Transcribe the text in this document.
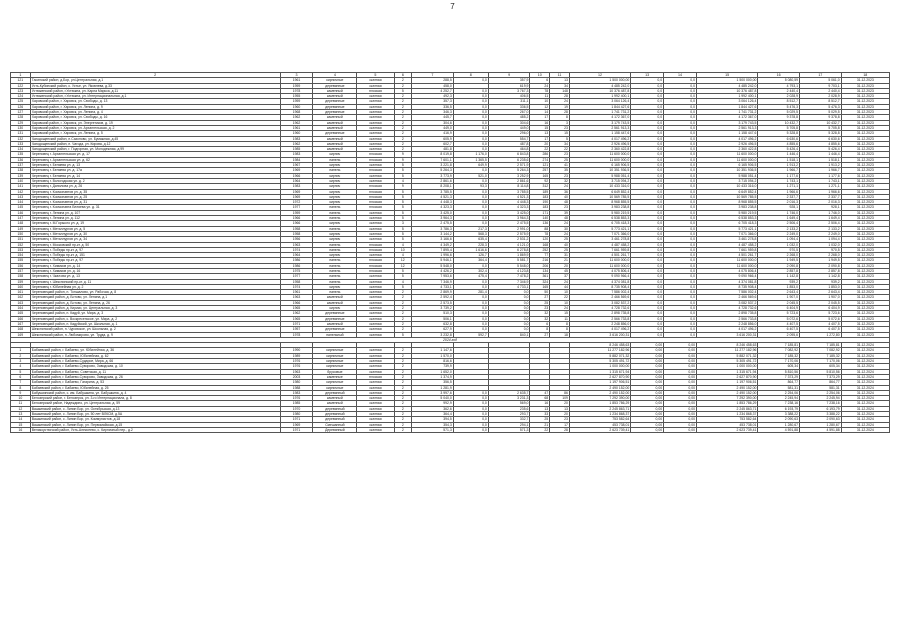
7
1	2	3	4	5	6	7	8	9	10	11	12	13	14	15	16	17	18
121	Тасинский район, д.Бор, ул.Центральная, д.1	1961	кирпичные	скатная	2	288,5	0,0	357,9	6	13	1 500 000,00	0,0	0,0	1 500 000,00	5 080,59	5 061,0	31.12.2023
122	Усть-Кубинский район, с. Устье, ул. Яковлева, д.33	1959	деревянные	скатная	2	458,0		619,9	24	34	4 485 242,0	0,0	0,0	4 485 242,0	4 793,1	9 703,1	31.12.2023
123	Устюженский район, г.Устюжна, ул. Карла Маркса, д.11	1978	каменный	плоская	5	4 252,7	0,0	3 767,3	78	148	10 376 487,8	0,0	0,0	10 376 487,8	2 440,4	2 440,4	31.12.2023
124	Устюженский район, г.Устюжна, ул. Интернациональная, д.1	1955	каменный	скатная	2	492,3	0,0	406,5	11	28	1 992 400,1	0,0	0,0	1 992 400,1	2 028,9	2 028,9	31.12.2023
125	Харовский район, г. Харовск, ул. Свободы, д. 13	1959	деревянные	скатная	2	357,3	0,0	311,1	10	24	3 064 126,4	0,0	0,0	3 064 126,4	8 512,7	8 512,7	31.12.2023
126	Харовский район, г. Харовск, ул. Ленина, д. 9	1960	деревянные	скатная	2	336,5	0,0	336,5	12	19	1 844 427,6	0,0	0,0	1 844 427,6	5 476,3	5 476,3	31.12.2023
127	Харовский район, г. Харовск, ул. Ленина, д. 4	1968	деревянные	скатная	2	346,3	0,0	267,0	14	28	1 741 731,2	0,0	0,0	1 741 731,2	5 029,5	5 029,5	31.12.2023
128	Харовский район, г. Харовск, ул. Свободы, д. 16	1962	каменный	скатная	2	445,7	0,0	485,2	17	8	4 172 367,0	0,0	0,0	4 172 367,0	9 378,8	9 378,8	31.12.2023
129	Харовский район, г. Харовск, ул. Энергетиков, д. 19	1962	каменный	скатная	2	304,6	0,0	304,6	16	3	3 179 743,5	0,0	0,0	3 179 743,5	10 432,7	10 432,7	31.12.2023
130	Харовский район, г. Харовск, ул. Архангельская, д. 2	1961	каменный	скатная	2	449,0	0,0	449,0	15	23	2 561 913,3	0,0	0,0	2 561 913,3	5 705,8	5 705,8	31.12.2023
131	Харовский район, г. Харовск, ул. Ленина, д. 5	1960	деревянные	скатная	2	416,9	0,0	296,0	13	15	1 158 447,6	0,0	0,0	1 158 447,6	5 328,8	5 328,8	31.12.2023
132	Чагодощенский район, п.Сазоново, ул. Бумажная, д.45	1983	каменный	скатная	2	605,9	0,0	554,7	17	5	4 017 496,2	0,0	0,0	4 017 496,2	6 630,6	6 630,6	31.12.2023
133	Чагодощенский район, п. Чагода, ул. Кирова, д.12	1962	каменный	скатная	2	602,7	0,0	487,8	20	34	2 926 496,5	0,0	0,0	2 926 496,5	4 855,6	4 855,6	31.12.2023
134	Чагодощенский район, г. Подгорная, ул. Молодежная, д.99	1985	каменный	скатная	2	481,8	0,0	464,8	22	22	2 360 422,8	0,0	0,0	2 360 422,8	5 426,4	5 426,4	31.12.2023
135	Череповец г. Архангельская ул. д. 17	1983	кирпич	плоская	9	8 019,8	1 176,0	6 843,8	286	23	11 600 000,0	0,0	0,0	11 600 000,0	1 446,4	1 446,4	31.12.2023
136	Череповец г. Архангельская ул. д. 62	1984	панель	плоская	9	7 601,1	1 365,5	6 235,6	274	25	11 600 000,0	0,0	0,0	11 600 000,0	1 518,1	1 518,1	31.12.2023
137	Череповец г. Беляева ул. д. 13	1967	кирпич	скатная	5	3 221,8	649,9	2 571,9	121	41	6 165 906,5	0,0	0,0	6 165 906,5	1 913,2	1 913,2	31.12.2023
138	Череповец г. Беляева ул. д. 17а	1969	панель	плоская	5	5 264,3	0,0	5 264,3	257	35	10 351 936,5	0,0	0,0	10 351 936,5	1 966,7	1 966,7	31.12.2023
139	Череповец г. Беляева ул. д. 14	1966	кирпич	скатная	5	3 773,9	521,0	3 252,9	165	23	5 988 051,4	0,0	0,0	5 988 051,4	1 177,6	1 177,6	31.12.2023
140	Череповец г. Вологодская ул. д. 2	1964	кирпич	скатная	4	2 861,6	0,0	2 861,6	92	32	3 715 094,2	0,0	0,0	3 715 094,2	1 743,1	1 743,1	31.12.2023
141	Череповец г. Данилова ул. д. 26	1983	кирпич	плоская	9	8 208,1	93,3	8 114,8	312	24	10 433 316,0	0,0	0,0	10 433 316,0	1 271,1	1 271,1	31.12.2023
142	Череповец г. Космонавтов ул. д. 35	1969	кирпич	плоская	5	3 785,5	0,0	3 785,5	189	36	6 649 852,4	0,0	0,0	6 649 852,4	1 966,6	1 966,6	31.12.2023
143	Череповец г. Космонавтов ул. д. 25	1969	кирпич	плоская	5	4 521,3	0,0	4 521,3	183	40	10 569 785,5	0,0	0,0	10 569 785,5	2 337,7	2 337,7	31.12.2023
144	Череповец г. Космонавтов ул. д. 31	1972	кирпич	плоская	5	4 448,3	0,0	4 448,3	190	48	8 968 855,5	0,0	0,0	8 968 855,5	2 016,3	2 016,3	31.12.2023
145	Череповец г. Космонавта Беляева ул. д. 31	1977	панель	плоская	5	4 323,3	0,0	4 323,3	183	23	3 983 238,8	0,0	0,0	3 983 238,8	928,1	928,1	31.12.2023
146	Череповец г. Ленина ул. д. 107	1959	панель	скатная	5	3 425,0	0,0	3 425,0	171	39	5 980 219,5	0,0	0,0	5 980 219,5	1 746,0	1 746,0	31.12.2023
147	Череповец г. Ленина ул. д. 112	1966	панель	скатная	5	3 964,3	0,0	3 964,3	140	48	6 538 853,3	0,0	0,0	6 538 853,3	1 649,4	1 649,4	31.12.2023
148	Череповец г. М.Горького ул. д. 19	1966	кирпич	скатная	3	2 475,5	0,0	2 475,5	136	24	6 705 418,3	0,0	0,0	6 705 418,3	2 506,4	2 506,4	31.12.2023
149	Череповец г. Металлургов ул. д. 5	1958	панель	скатная	5	3 786,3	217,3	2 991,0	88	30	5 773 421,1	0,0	0,0	5 773 421,1	2 133,2	2 133,2	31.12.2023
150	Череповец г. Металлургов ул. д. 30	1958	кирпич	скатная	5	3 144,2	568,3	2 575,9	78	24	7 071 366,0	0,0	0,0	7 071 366,0	2 249,0	2 249,0	31.12.2023
151	Череповец г. Металлургов ул. д. 34	1956	кирпич	скатная	5	3 166,6	635,4	2 531,2	120	25	3 461 278,8	0,0	0,0	3 461 278,8	1 094,4	1 094,4	31.12.2023
152	Череповец г. Московский пр-кт. д. 50	1963	панель	плоская	4	4 349,2	228,3	4 121,0	168	40	4 487 458,2	0,0	0,0	4 487 458,2	1 032,0	1 032,0	31.12.2023
153	Череповец г. Победы пр-кт. д. 97	1974	панель	плоская	10	7 895,4	1 616,6	6 278,8	252	25	7 661 959,8	0,0	0,0	7 661 959,8	970,5	970,5	31.12.2023
154	Череповец г. Победы пр-кт. д. 151	1964	кирпич	скатная	4	1 996,6	126,7	1 869,9	77	31	4 501 261,7	0,0	0,0	4 501 261,7	2 268,0	2 268,0	31.12.2023
155	Череповец г. Победы пр-кт. д. 97	1986	панель	плоская	12	5 946,1	364,4	5 581,7	216	21	11 600 000,0	0,0	0,0	11 600 000,0	1 949,5	1 949,5	31.12.2023
156	Череповец г. Химиков ул. д. 14	1986	панель	плоская	12	5 548,0	0,0	5 548,0	206	20	11 600 000,0	0,0	0,0	11 600 000,0	2 090,8	2 090,8	31.12.2023
157	Череповец г. Химиков ул. д. 16	1975	панель	плоская	5	4 426,2	302,4	4 123,8	134	45	4 075 806,4	0,0	0,0	4 075 806,4	2 857,8	2 857,8	31.12.2023
158	Череповец г. Чкалова ул. д. 13	1977	панель	скатная	5	7 953,6	475,4	7 478,2	361	37	9 090 966,4	0,0	0,0	9 090 966,4	1 142,8	1 142,8	31.12.2023
159	Череповец г. Шекснинский пр-кт. д. 11	1958	панель	скатная	4	7 346,9	0,0	7 346,9	324	24	4 374 081,8	0,0	0,0	4 374 081,8	939,2	939,2	31.12.2023
160	Череповец г. Юбилейная ул. д. 2	1974	кирпич	скатная	5	4 733,1	0,0	4 733,1	165	44	8 735 908,4	0,0	0,0	8 735 908,4	1 853,0	1 853,0	31.12.2023
161	Череповецкий район, п. Тоншалово, ул. Рабочая, д. 8	1961	панель	скатная	2	2 869,9	281,4	0,0	50	10	7 586 002,4	0,0	0,0	7 586 002,4	2 643,4	2 643,4	31.12.2023
162	Череповецкий район, д. Ботово, ул. Ленина, д.1	1963	каменный	скатная	2	2 592,4	0,0	0,0	27	22	2 466 569,6	0,0	0,0	2 466 569,6	1 907,0	1 907,0	31.12.2023
163	Череповецкий район, д. Ботово, ул. Ленина, д. 26	1966	каменный	скатная	2	2 573,5	0,0	0,0	25	10	3 082 537,2	0,0	0,0	3 082 537,2	2 045,5	2 045,5	31.12.2023
164	Череповецкий район, д. Кирики, ул. Центральная, д. 3	1965	кирпич	скатная	2	3 739,2	0,0	0,0	23	24	4 728 732,6	0,0	0,0	4 728 732,6	6 404,9	6 404,9	31.12.2023
165	Череповецкий район, п. Кадуй, ул. Мира, д. 3	1962	деревянные	скатная	2	510,3	0,0	0,0	32	15	2 898 735,8	0,0	0,0	2 898 735,8	5 723,6	5 723,6	31.12.2023
166	Череповецкий район, с. Воскресенское, ул. Мира, д. 2	1965	деревянные	скатная	2	506,1	0,0	0,0	32	11	2 566 733,8	0,0	0,0	2 566 733,8	5 072,6	5 072,6	31.12.2023
167	Череповецкий район, п. Кадуйский, ул. Школьная, д. 1	1971	каменный	скатная	2	632,8	0,0	0,0	6	8	2 248 856,0	0,0	0,0	2 248 856,0	4 407,5	4 407,5	31.12.2023
168	Шекснинский район, п. Чуровское, ул. Школьная, д. 2	1957	деревянные	скатная	2	627,9	0,0	0,0	8	8	4 017 496,2	0,0	0,0	4 017 496,2	6 407,5	6 407,5	31.12.2023
169	Шекснинский район, п. Любомирово, ул. Труда, д. 9	1978	панельный	скатная	5	3 232,8	592,7	840,1	27	18	3 616 200,31	0,0	0,0	3 616 200,31	2 095,6	1 272,80	31.12.2023
2024 год																	
											8 246 458,63	0,00	0,00	8 246 458,63	7 185,81	7 185,81	31.12.2024
1	Бабаевский район, г. Бабаево, ул. Юбилейная, д. 36	1990	кирпичные	скатная	2	1 147,6					11 277 182,96	0,00	0,00	11 277 182,96	7 082,92	7 082,92	31.12.2024
2	Бабаевский район, г. Бабаево, Юбилейная, д. 62	1989	кирпичные	скатная	2	1 570,0					5 882 071,32	0,00	0,00	5 882 071,32	7 185,32	7 185,32	31.12.2024
3	Бабаевский район, г. Бабаево-Сударое, Мира, д. 66	1976	кирпичные	скатная	2	816,6					5 305 491,72	0,00	0,00	5 305 491,72	7 170,06	7 170,06	31.12.2024
4	Бабаевский район, г. Бабаево-Суворово, Заводская, д. 10	1976	кирпичные	скатная	2	739,9					1 000 000,00	0,00	0,00	1 000 000,00	605,34	605,34	31.12.2024
5	Бабаевский район, г. Бабаево, Советская, д. 11	1963	брусовые	скатная	2	1 652,0					1 315 671,94	0,00	0,00	1 315 671,94	5 810,56	5 810,56	31.12.2024
6	Бабаевский район, г. Бабаево-Суворово, Заводская, д. 26	2003	каменные	плоская	2	1 374,9					2 627 870,90	0,00	0,00	2 627 870,90	7 373,29	7 373,29	31.12.2024
7	Бабаевский район, г. Бабаево, Гагарина, д. 53	1980	кирпичные	скатная	2	356,5					1 197 906,51	0,00	0,00	1 197 906,51	864,77	864,77	31.12.2024
8	Бабаевский район, г. Бабаево, Юбилейная, д. 25	1988	кирпичные	скатная	2	1 281,9					2 490 152,00	0,00	0,00	2 490 152,00	581,31	581,31	31.12.2024
9	Бабушкинский район, с. им. Бабушкина, ул. Бабушкина, д. 4	1983	деревянный	скатная	2	3 997,6	0,0	2 635,7	47	86	2 490 152,00	0,00	0,00	2 490 152,00	2 254,06	2 254,06	31.12.2024
10	Белозерский район, г. Белозерск, ул. 3-го Интернационала, д. 8	1976	каменный	скатная	2	5 040,0	0,0	3 231,3	68	109	7 292 390,00	0,00	0,00	7 292 390,00	2 245,94	2 245,94	31.12.2024
11	Белозерский район, Надеждино, ул. Центральная, д. 59	1985	каменный	скатная	2	992,9	0,0	569,0	16	20	1 853 786,29	0,00	0,00	1 853 786,29	7 238,16	7 238,16	31.12.2024
12	Вашкинский район, с. Липин Бор, ул. Октябрьская, д.13	1970	деревянный	скатная	2	362,6	0,0	235,6	13	13	2 245 863,71	0,00	0,00	2 245 863,71	6 193,79	6 193,79	31.12.2024
13	Вашкинский район, с. Липин Бор, ул. 50 лет ВЛКСМ, д.5А	1980	деревянный	скатная	2	364,4	0,0	293,7	33	20	1 234 868,37	0,00	0,00	1 234 868,37	3 388,22	3 388,22	31.12.2024
14	Вашкинский район, с. Липин Бор, ул. Коммунистов, д.18	1971	деревянный	скатная	2	394,5	0,0	332,7	25	23	753 582,64	0,00	0,00	753 582,64	2 090,63	2 090,63	31.12.2024
15	Вашкинский район, с. Липин Бор, ул. Первомайская, д.15	1969	Смешанный	скатная	2	354,3	0,0	294,1	21	17	453 738,01	0,00	0,00	453 738,01	1 280,67	1 280,67	31.12.2024
16	Великоустюгский район, Усть-Алексеево, с. Кирпичный пер., д.2	1971	Деревянный	скатная	2	571,3	0,0	571,3	22	28	2 623 739,41	0,00	0,00	2 623 739,41	4 591,88	4 591,88	31.12.2024
